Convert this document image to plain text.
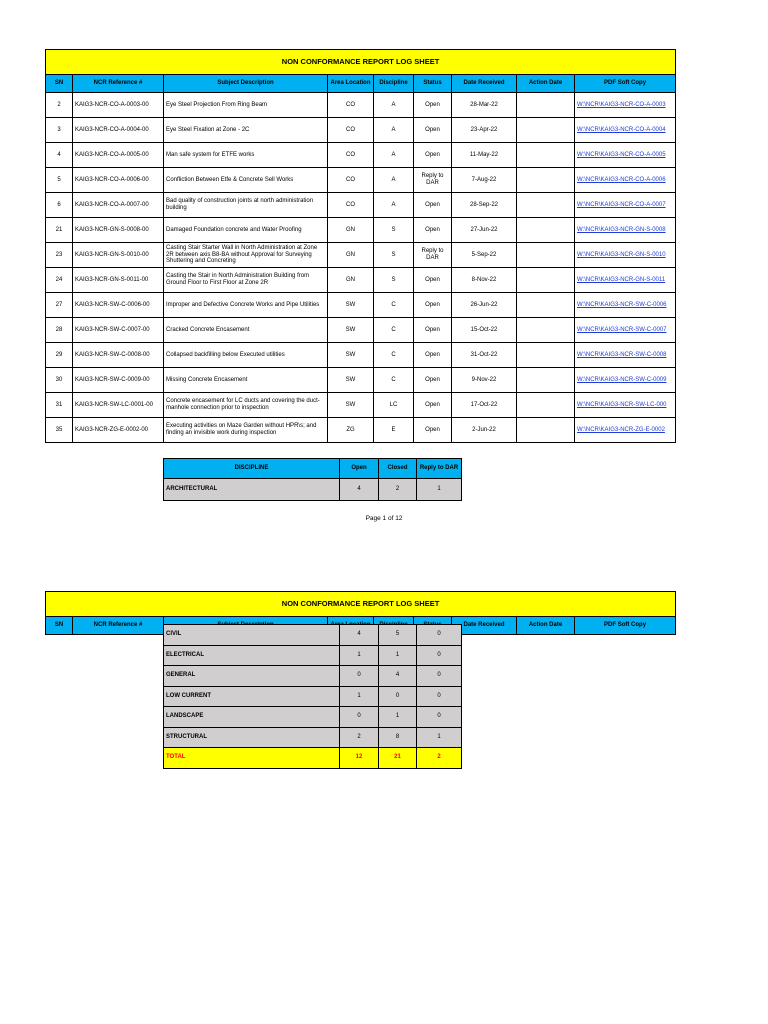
NON CONFORMANCE REPORT LOG SHEET								
SN	NCR Reference #	Subject Description	Area Location	Discipline	Status	Date Received	Action Date	PDF Soft Copy
2	KAIG3-NCR-CO-A-0003-00	Eye Steel Projection From Ring Beam	CO	A	Open	28-Mar-22		W:\NCR\KAIG3-NCR-CO-A-0003
3	KAIG3-NCR-CO-A-0004-00	Eye Steel Fixation at Zone - 2C	CO	A	Open	23-Apr-22		W:\NCR\KAIG3-NCR-CO-A-0004
4	KAIG3-NCR-CO-A-0005-00	Man safe system for ETFE works	CO	A	Open	11-May-22		W:\NCR\KAIG3-NCR-CO-A-0005
5	KAIG3-NCR-CO-A-0006-00	Confliction Between Etfe & Concrete Sell Works	CO	A	Reply to DAR	7-Aug-22		W:\NCR\KAIG3-NCR-CO-A-0006
6	KAIG3-NCR-CO-A-0007-00	Bad quality of construction joints at north administration building	CO	A	Open	28-Sep-22		W:\NCR\KAIG3-NCR-CO-A-0007
21	KAIG3-NCR-GN-S-0008-00	Damaged Foundation concrete and Water Proofing	GN	S	Open	27-Jun-22		W:\NCR\KAIG3-NCR-GN-S-0008
23	KAIG3-NCR-GN-S-0010-00	Casting Stair Starter Wall in North Administration at Zone 2R between axis B8-BA without Approval for Surveying Shuttering and Concreting	GN	S	Reply to DAR	5-Sep-22		W:\NCR\KAIG3-NCR-GN-S-0010
24	KAIG3-NCR-GN-S-0011-00	Casting the Stair in North Administration Building from Ground Floor to First Floor at Zone 2R	GN	S	Open	8-Nov-22		W:\NCR\KAIG3-NCR-GN-S-0011
27	KAIG3-NCR-SW-C-0006-00	Improper and Defective Concrete Works and Pipe Utilities	SW	C	Open	26-Jun-22		W:\NCR\KAIG3-NCR-SW-C-0006
28	KAIG3-NCR-SW-C-0007-00	Cracked Concrete Encasement	SW	C	Open	15-Oct-22		W:\NCR\KAIG3-NCR-SW-C-0007
29	KAIG3-NCR-SW-C-0008-00	Collapsed backfilling below Executed utilities	SW	C	Open	31-Oct-22		W:\NCR\KAIG3-NCR-SW-C-0008
30	KAIG3-NCR-SW-C-0009-00	Missing Concrete Encasement	SW	C	Open	9-Nov-22		W:\NCR\KAIG3-NCR-SW-C-0009
31	KAIG3-NCR-SW-LC-0001-00	Concrete encasement for LC ducts and covering the duct-manhole connection prior to inspection	SW	LC	Open	17-Oct-22		W:\NCR\KAIG3-NCR-SW-LC-000
35	KAIG3-NCR-ZG-E-0002-00	Executing activities on Maze Garden without HPR\s; and finding an invisible work during inspection	ZG	E	Open	2-Jun-22		W:\NCR\KAIG3-NCR-ZG-E-0002
DISCIPLINE	Open	Closed	Reply to DAR
ARCHITECTURAL	4	2	1
Page 1 of 12
NON CONFORMANCE REPORT LOG SHEET
SN	NCR Reference #					Date Received	Action Date	PDF Soft Copy
CIVIL	4	5	0
ELECTRICAL	1	1	0
GENERAL	0	4	0
LOW CURRENT	1	0	0
LANDSCAPE	0	1	0
STRUCTURAL	2	8	1
TOTAL	12	21	2
